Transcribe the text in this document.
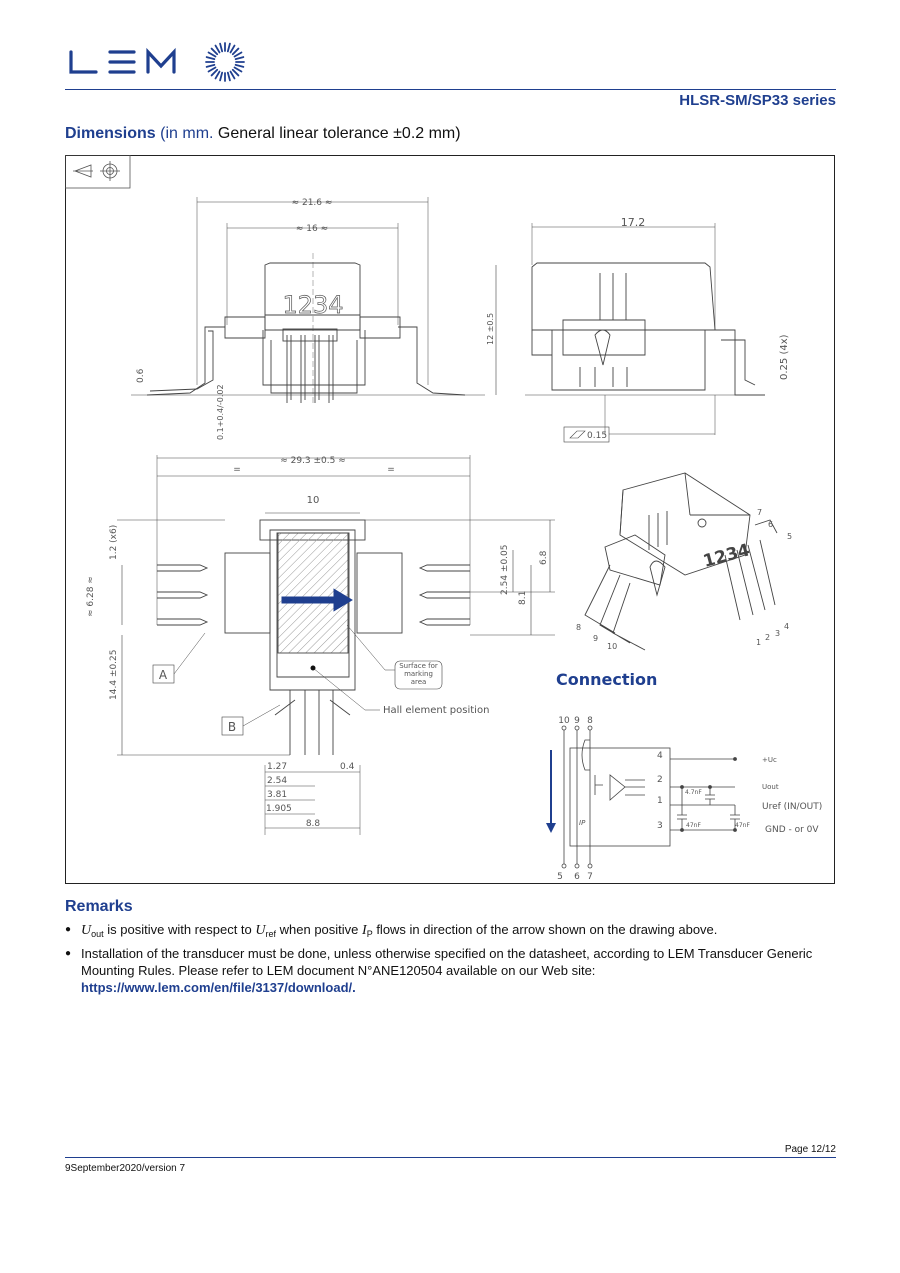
HLSR-SM/SP33 series
Dimensions (in mm. General linear tolerance ±0.2 mm)
≈ 21.6 ≈
≈ 16 ≈
1234
0.6
0.1+0.4/-0.02
17.2
12 ±0.5
0.25 (4x)
0.15
≈ 29.3 ±0.5 ≈
=	=
10
1.2 (x6)
≈ 6.28 ≈
14.4 ±0.25
2.54 ±0.05
8.1
6.8
A
B
Surface for marking area
Hall element position
1.27	0.4
2.54
3.81
1.905
8.8
1234
7
6
5
4
3
2
1
8
9
10
Connection
10 9 8
5 6 7
4
2
1
3
+Uc
Uout
Uref (IN/OUT)
GND - or 0V
4.7nF
47nF	47nF
IP
Remarks
● $U_{out}$ is positive with respect to $U_{ref}$ when positive $I_P$ flows in direction of the arrow shown on the drawing above.
● Installation of the transducer must be done, unless otherwise specified on the datasheet, according to LEM Transducer Generic Mounting Rules. Please refer to LEM document N°ANE120504 available on our Web site:
https://www.lem.com/en/file/3137/download/.
Page 12/12
9September2020/version 7
